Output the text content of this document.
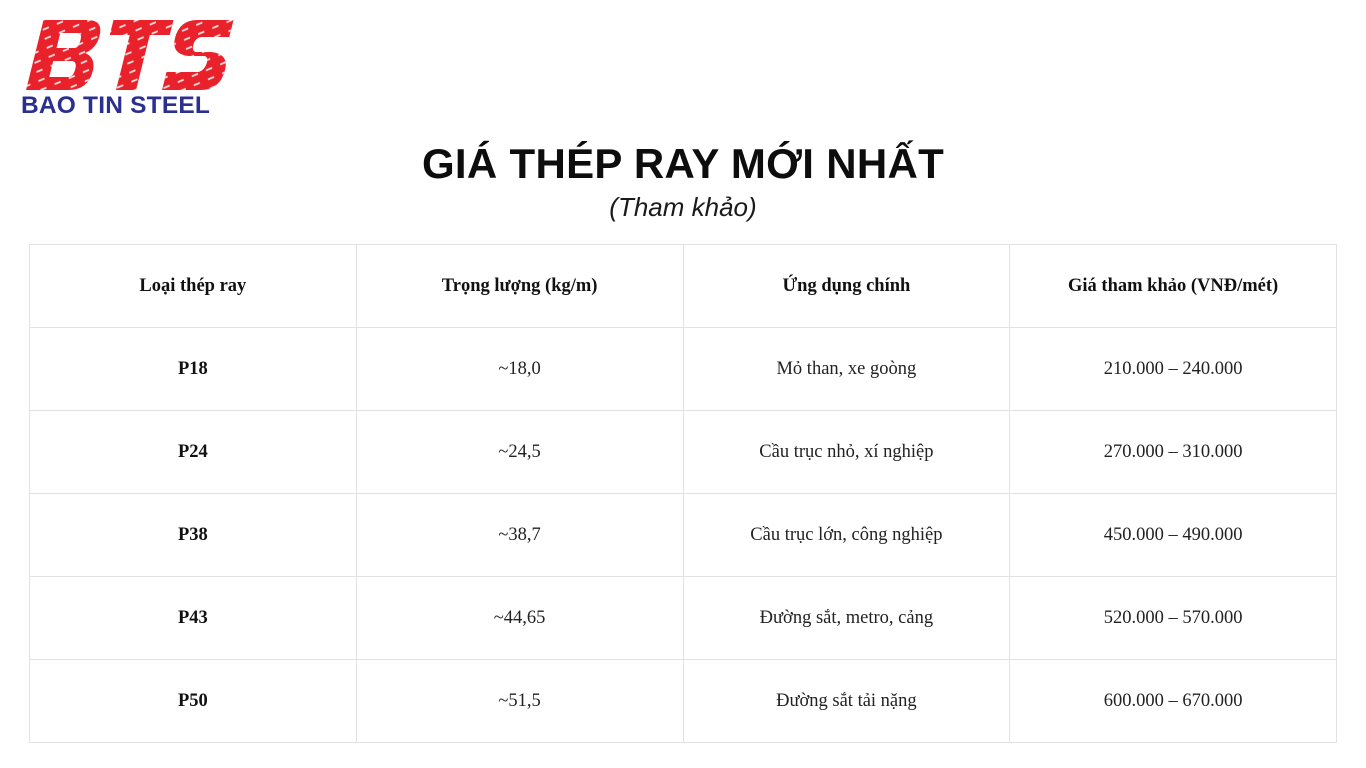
BAO TIN STEEL
GIÁ THÉP RAY MỚI NHẤT
(Tham khảo)
Loại thép ray	Trọng lượng (kg/m)	Ứng dụng chính	Giá tham khảo (VNĐ/mét)
P18	~18,0	Mỏ than, xe goòng	210.000 – 240.000
P24	~24,5	Cầu trục nhỏ, xí nghiệp	270.000 – 310.000
P38	~38,7	Cầu trục lớn, công nghiệp	450.000 – 490.000
P43	~44,65	Đường sắt, metro, cảng	520.000 – 570.000
P50	~51,5	Đường sắt tải nặng	600.000 – 670.000
